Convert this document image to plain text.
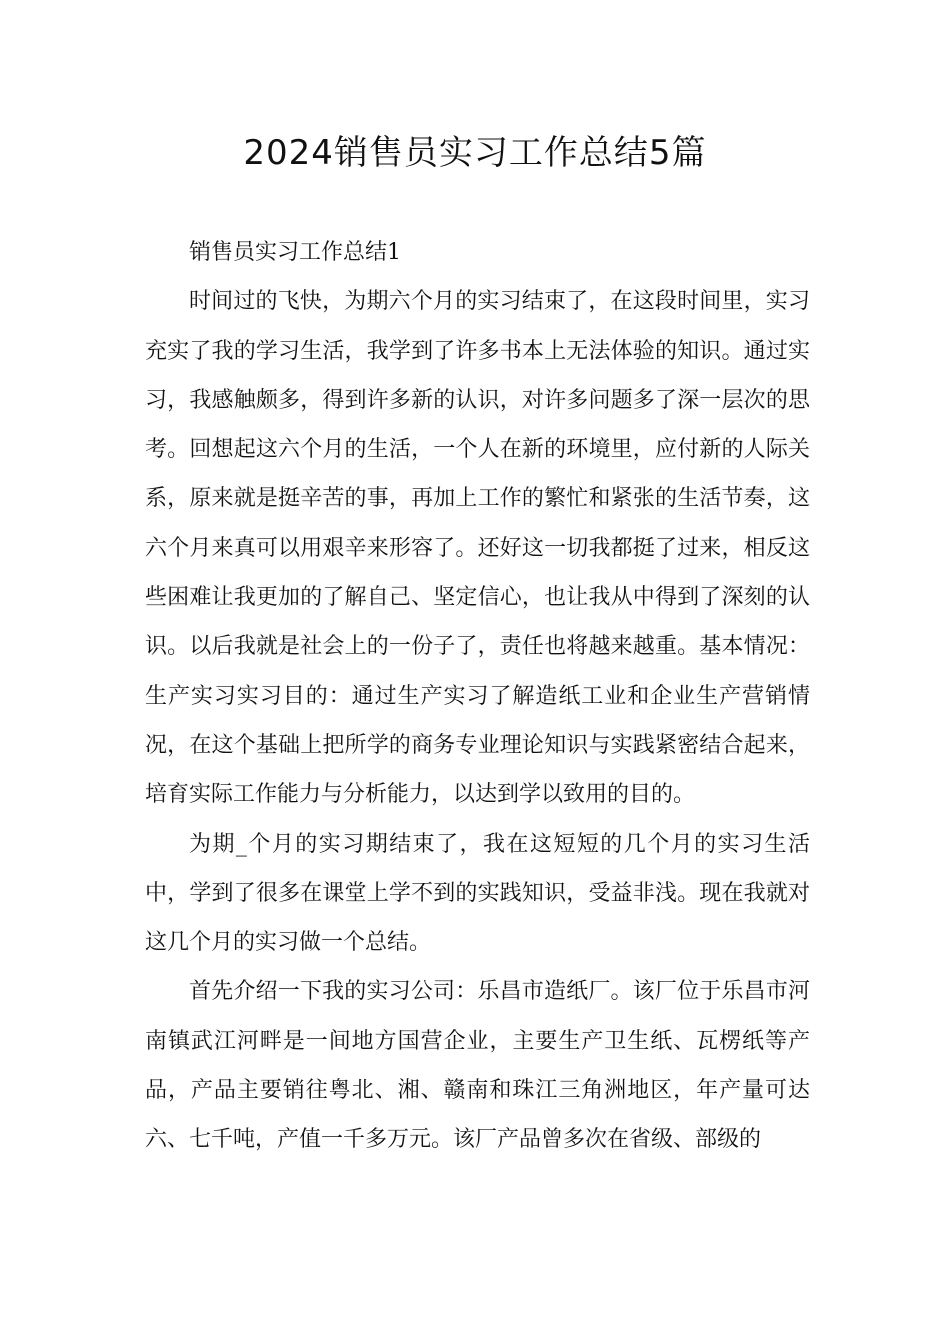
2024销售员实习工作总结5篇

销售员实习工作总结1

时间过的飞快，为期六个月的实习结束了，在这段时间里，实习充实了我的学习生活，我学到了许多书本上无法体验的知识。通过实习，我感触颇多，得到许多新的认识，对许多问题多了深一层次的思考。回想起这六个月的生活，一个人在新的环境里，应付新的人际关系，原来就是挺辛苦的事，再加上工作的繁忙和紧张的生活节奏，这六个月来真可以用艰辛来形容了。还好这一切我都挺了过来，相反这些困难让我更加的了解自己、坚定信心，也让我从中得到了深刻的认识。以后我就是社会上的一份子了，责任也将越来越重。基本情况：生产实习实习目的：通过生产实习了解造纸工业和企业生产营销情况，在这个基础上把所学的商务专业理论知识与实践紧密结合起来，培育实际工作能力与分析能力，以达到学以致用的目的。

为期_个月的实习期结束了，我在这短短的几个月的实习生活中，学到了很多在课堂上学不到的实践知识，受益非浅。现在我就对这几个月的实习做一个总结。

首先介绍一下我的实习公司：乐昌市造纸厂。该厂位于乐昌市河南镇武江河畔是一间地方国营企业，主要生产卫生纸、瓦楞纸等产品，产品主要销往粤北、湘、赣南和珠江三角洲地区，年产量可达六、七千吨，产值一千多万元。该厂产品曾多次在省级、部级的
